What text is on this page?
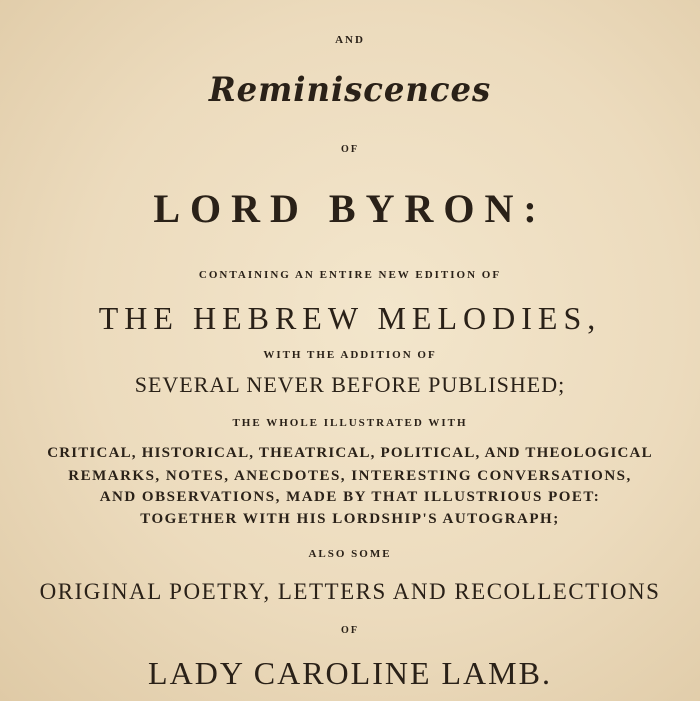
AND
Reminiscences
OF
LORD BYRON:
CONTAINING AN ENTIRE NEW EDITION OF
THE HEBREW MELODIES,
WITH THE ADDITION OF
SEVERAL NEVER BEFORE PUBLISHED;
THE WHOLE ILLUSTRATED WITH
CRITICAL, HISTORICAL, THEATRICAL, POLITICAL, AND THEOLOGICAL
REMARKS, NOTES, ANECDOTES, INTERESTING CONVERSATIONS,
AND OBSERVATIONS, MADE BY THAT ILLUSTRIOUS POET:
TOGETHER WITH HIS LORDSHIP'S AUTOGRAPH;
ALSO SOME
ORIGINAL POETRY, LETTERS AND RECOLLECTIONS
OF
LADY CAROLINE LAMB.
